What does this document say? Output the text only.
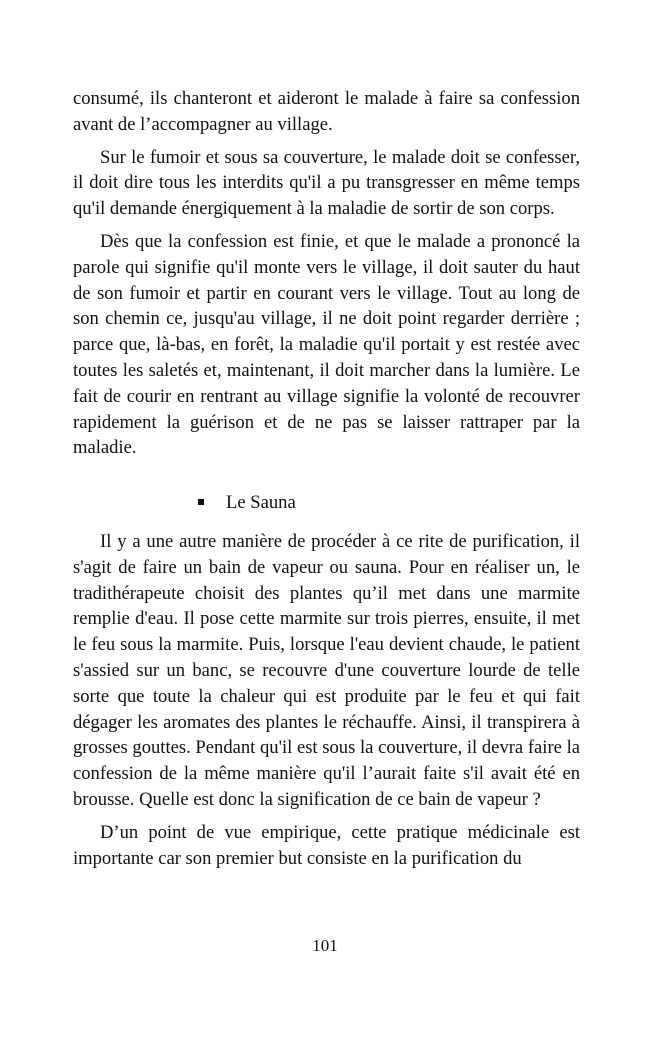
consumé, ils chanteront et aideront le malade à faire sa confession avant de l’accompagner au village.

Sur le fumoir et sous sa couverture, le malade doit se confesser, il doit dire tous les interdits qu'il a pu transgresser en même temps qu'il demande énergiquement à la maladie de sortir de son corps.

Dès que la confession est finie, et que le malade a prononcé la parole qui signifie qu'il monte vers le village, il doit sauter du haut de son fumoir et partir en courant vers le village. Tout au long de son chemin ce, jusqu'au village, il ne doit point regarder derrière ; parce que, là-bas, en forêt, la maladie qu'il portait y est restée avec toutes les saletés et, maintenant, il doit marcher dans la lumière. Le fait de courir en rentrant au village signifie la volonté de recouvrer rapidement la guérison et de ne pas se laisser rattraper par la maladie.

Le Sauna

Il y a une autre manière de procéder à ce rite de purification, il s'agit de faire un bain de vapeur ou sauna. Pour en réaliser un, le tradithérapeute choisit des plantes qu’il met dans une marmite remplie d'eau. Il pose cette marmite sur trois pierres, ensuite, il met le feu sous la marmite. Puis, lorsque l'eau devient chaude, le patient s'assied sur un banc, se recouvre d'une couverture lourde de telle sorte que toute la chaleur qui est produite par le feu et qui fait dégager les aromates des plantes le réchauffe. Ainsi, il transpirera à grosses gouttes. Pendant qu'il est sous la couverture, il devra faire la confession de la même manière qu'il l’aurait faite s'il avait été en brousse. Quelle est donc la signification de ce bain de vapeur ?

D’un point de vue empirique, cette pratique médicinale est importante car son premier but consiste en la purification du

101
